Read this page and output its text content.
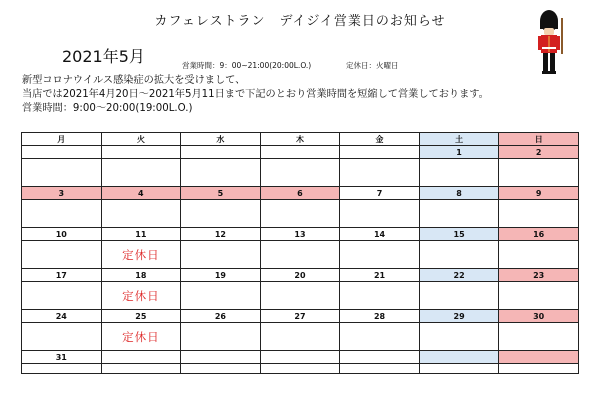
カフェレストラン　デイジイ営業日のお知らせ
2021年5月	営業時間：9：00~21:00(20:00L.O.)	定休日：火曜日
新型コロナウイルス感染症の拡大を受けまして、
当店では2021年4月20日～2021年5月11日まで下記のとおり営業時間を短縮して営業しております。
営業時間：9:00～20:00(19:00L.O.)
月	火	水	木	金	土	日
					1	2

3	4	5	6	7	8	9

10	11	12	13	14	15	16
	定休日					
17	18	19	20	21	22	23
	定休日					
24	25	26	27	28	29	30
	定休日					
31						
